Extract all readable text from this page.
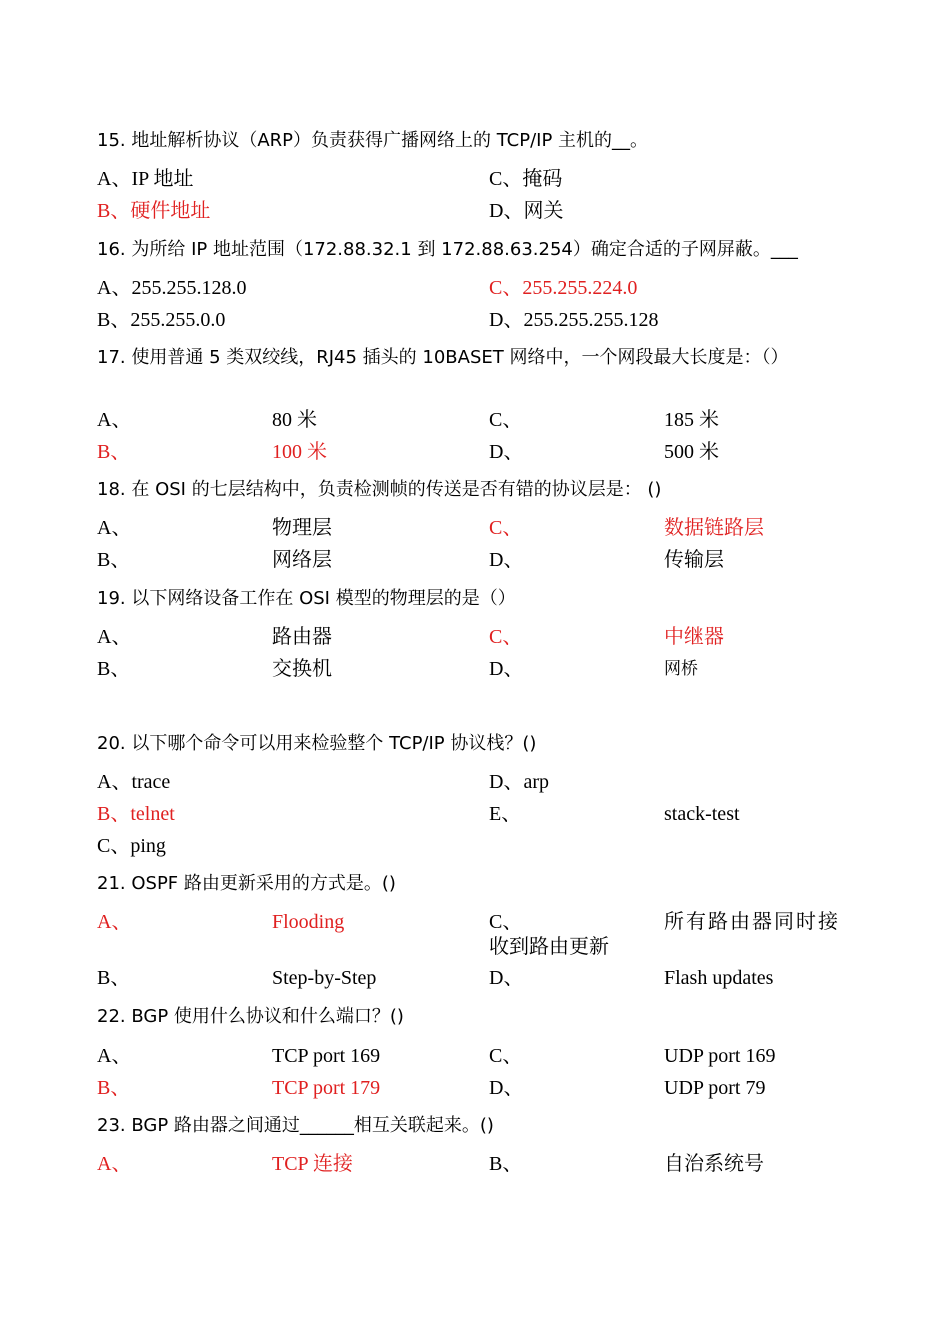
15. 地址解析协议（ARP）负责获得广播网络上的 TCP/IP 主机的__。
A、IP 地址	C、掩码
B、硬件地址	D、网关
16. 为所给 IP 地址范围（172.88.32.1 到 172.88.63.254）确定合适的子网屏蔽。___
A、255.255.128.0	C、255.255.224.0
B、255.255.0.0	D、255.255.255.128
17. 使用普通 5 类双绞线，RJ45 插头的 10BASET 网络中，一个网段最大长度是：（）
A、	80 米	C、	185 米
B、	100 米	D、	500 米
18. 在 OSI 的七层结构中，负责检测帧的传送是否有错的协议层是： ()
A、	物理层	C、	数据链路层
B、	网络层	D、	传输层
19. 以下网络设备工作在 OSI 模型的物理层的是（）
A、	路由器	C、	中继器
B、	交换机	D、	网桥
20. 以下哪个命令可以用来检验整个 TCP/IP 协议栈？()
A、trace	D、arp
B、telnet	E、	stack-test
C、ping
21. OSPF 路由更新采用的方式是。()
A、	Flooding	C、	所有路由器同时接
收到路由更新
B、	Step-by-Step	D、	Flash updates
22. BGP 使用什么协议和什么端口？()
A、	TCP port 169	C、	UDP port 169
B、	TCP port 179	D、	UDP port 79
23. BGP 路由器之间通过______相互关联起来。()
A、	TCP 连接	B、	自治系统号
